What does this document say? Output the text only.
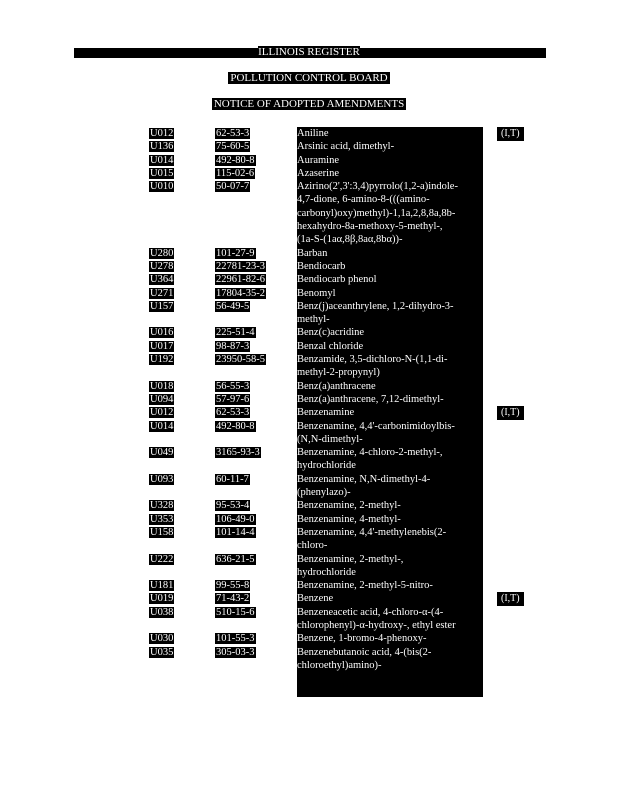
ILLINOIS REGISTER
POLLUTION CONTROL BOARD
NOTICE OF ADOPTED AMENDMENTS
U012	62-53-3	Aniline	(I,T)
U136	75-60-5	Arsinic acid, dimethyl-
U014	492-80-8	Auramine
U015	115-02-6	Azaserine
U010	50-07-7	Azirino(2',3':3,4)pyrrolo(1,2-a)indole-
4,7-dione, 6-amino-8-(((amino-
carbonyl)oxy)methyl)-1,1a,2,8,8a,8b-
hexahydro-8a-methoxy-5-methyl-,
(1a-S-(1aα,8β,8aα,8bα))-
U280	101-27-9	Barban
U278	22781-23-3	Bendiocarb
U364	22961-82-6	Bendiocarb phenol
U271	17804-35-2	Benomyl
U157	56-49-5	Benz(j)aceanthrylene, 1,2-dihydro-3-
methyl-
U016	225-51-4	Benz(c)acridine
U017	98-87-3	Benzal chloride
U192	23950-58-5	Benzamide, 3,5-dichloro-N-(1,1-di-
methyl-2-propynyl)
U018	56-55-3	Benz(a)anthracene
U094	57-97-6	Benz(a)anthracene, 7,12-dimethyl-
U012	62-53-3	Benzenamine	(I,T)
U014	492-80-8	Benzenamine, 4,4'-carbonimidoylbis-
(N,N-dimethyl-
U049	3165-93-3	Benzenamine, 4-chloro-2-methyl-,
hydrochloride
U093	60-11-7	Benzenamine, N,N-dimethyl-4-
(phenylazo)-
U328	95-53-4	Benzenamine, 2-methyl-
U353	106-49-0	Benzenamine, 4-methyl-
U158	101-14-4	Benzenamine, 4,4'-methylenebis(2-
chloro-
U222	636-21-5	Benzenamine, 2-methyl-,
hydrochloride
U181	99-55-8	Benzenamine, 2-methyl-5-nitro-
U019	71-43-2	Benzene	(I,T)
U038	510-15-6	Benzeneacetic acid, 4-chloro-α-(4-
chlorophenyl)-α-hydroxy-, ethyl ester
U030	101-55-3	Benzene, 1-bromo-4-phenoxy-
U035	305-03-3	Benzenebutanoic acid, 4-(bis(2-
chloroethyl)amino)-
